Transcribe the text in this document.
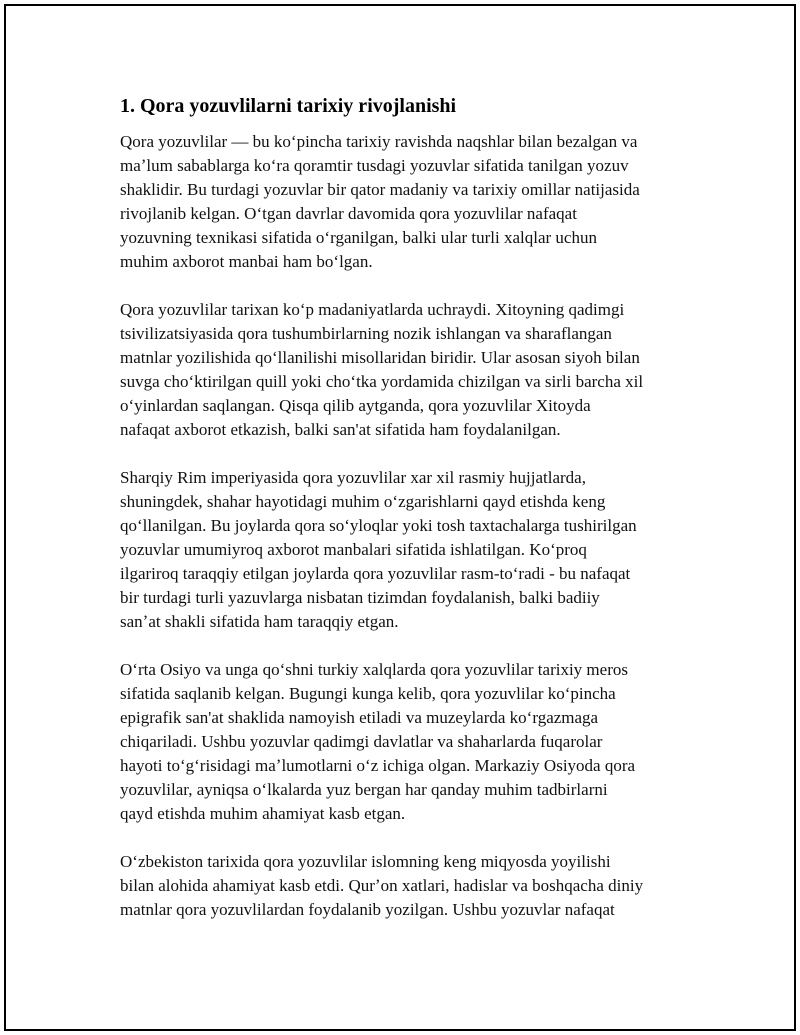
1. Qora yozuvlilarni tarixiy rivojlanishi
Qora yozuvlilar — bu koʻpincha tarixiy ravishda naqshlar bilan bezalgan va
maʼlum sabablarga koʻra qoramtir tusdagi yozuvlar sifatida tanilgan yozuv
shaklidir. Bu turdagi yozuvlar bir qator madaniy va tarixiy omillar natijasida
rivojlanib kelgan. Oʻtgan davrlar davomida qora yozuvlilar nafaqat
yozuvning texnikasi sifatida oʻrganilgan, balki ular turli xalqlar uchun
muhim axborot manbai ham boʻlgan.
Qora yozuvlilar tarixan koʻp madaniyatlarda uchraydi. Xitoyning qadimgi
tsivilizatsiyasida qora tushumbirlarning nozik ishlangan va sharaflangan
matnlar yozilishida qoʻllanilishi misollaridan biridir. Ular asosan siyoh bilan
suvga choʻktirilgan quill yoki choʻtka yordamida chizilgan va sirli barcha xil
oʻyinlardan saqlangan. Qisqa qilib aytganda, qora yozuvlilar Xitoyda
nafaqat axborot etkazish, balki san'at sifatida ham foydalanilgan.
Sharqiy Rim imperiyasida qora yozuvlilar xar xil rasmiy hujjatlarda,
shuningdek, shahar hayotidagi muhim oʻzgarishlarni qayd etishda keng
qoʻllanilgan. Bu joylarda qora soʻyloqlar yoki tosh taxtachalarga tushirilgan
yozuvlar umumiyroq axborot manbalari sifatida ishlatilgan. Koʻproq
ilgariroq taraqqiy etilgan joylarda qora yozuvlilar rasm-toʻradi - bu nafaqat
bir turdagi turli yazuvlarga nisbatan tizimdan foydalanish, balki badiiy
sanʼat shakli sifatida ham taraqqiy etgan.
Oʻrta Osiyo va unga qoʻshni turkiy xalqlarda qora yozuvlilar tarixiy meros
sifatida saqlanib kelgan. Bugungi kunga kelib, qora yozuvlilar koʻpincha
epigrafik san'at shaklida namoyish etiladi va muzeylarda koʻrgazmaga
chiqariladi. Ushbu yozuvlar qadimgi davlatlar va shaharlarda fuqarolar
hayoti toʻgʻrisidagi maʼlumotlarni oʻz ichiga olgan. Markaziy Osiyoda qora
yozuvlilar, ayniqsa oʻlkalarda yuz bergan har qanday muhim tadbirlarni
qayd etishda muhim ahamiyat kasb etgan.
Oʻzbekiston tarixida qora yozuvlilar islomning keng miqyosda yoyilishi
bilan alohida ahamiyat kasb etdi. Qurʼon xatlari, hadislar va boshqacha diniy
matnlar qora yozuvlilardan foydalanib yozilgan. Ushbu yozuvlar nafaqat
